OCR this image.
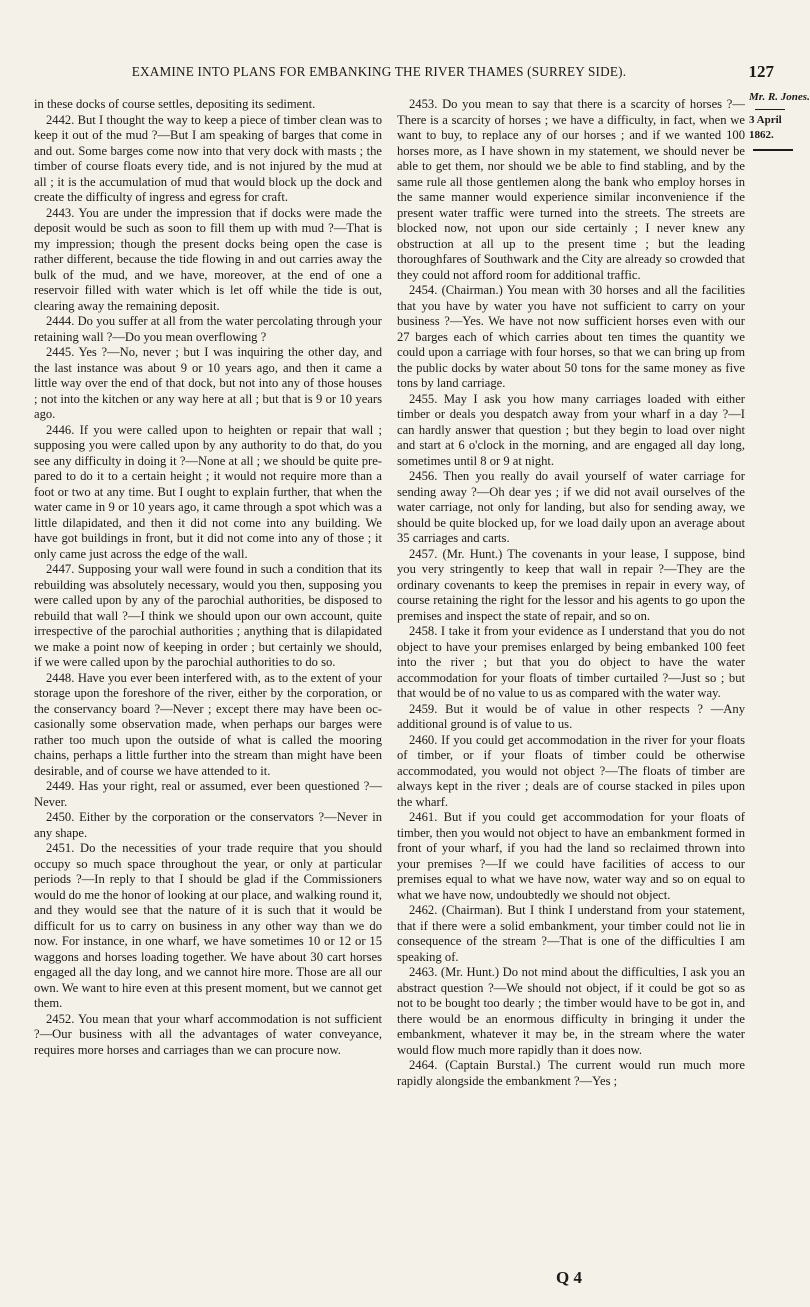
EXAMINE INTO PLANS FOR EMBANKING THE RIVER THAMES (SURREY SIDE).	127

in these docks of course settles, depositing its sediment.

2442. But I thought the way to keep a piece of timber clean was to keep it out of the mud ?—But I am speaking of barges that come in and out. Some barges come now into that very dock with masts ; the timber of course floats every tide, and is not injured by the mud at all ; it is the accumulation of mud that would block up the dock and create the difficulty of ingress and egress for craft.

2443. You are under the impression that if docks were made the deposit would be such as soon to fill them up with mud ?—That is my impression; though the present docks being open the case is rather different, because the tide flowing in and out carries away the bulk of the mud, and we have, moreover, at the end of one a reservoir filled with water which is let off while the tide is out, clearing away the remaining deposit.

2444. Do you suffer at all from the water percolating through your retaining wall ?—Do you mean overflowing ?

2445. Yes ?—No, never ; but I was inquiring the other day, and the last instance was about 9 or 10 years ago, and then it came a little way over the end of that dock, but not into any of those houses ; not into the kitchen or any way here at all ; but that is 9 or 10 years ago.

2446. If you were called upon to heighten or repair that wall ; supposing you were called upon by any authority to do that, do you see any difficulty in doing it ?—None at all ; we should be quite prepared to do it to a certain height ; it would not require more than a foot or two at any time. But I ought to explain further, that when the water came in 9 or 10 years ago, it came through a spot which was a little dilapidated, and then it did not come into any building. We have got buildings in front, but it did not come into any of those ; it only came just across the edge of the wall.

2447. Supposing your wall were found in such a condition that its rebuilding was absolutely necessary, would you then, supposing you were called upon by any of the parochial authorities, be disposed to rebuild that wall ?—I think we should upon our own account, quite irrespective of the parochial authorities ; anything that is dilapidated we make a point now of keeping in order ; but certainly we should, if we were called upon by the parochial authorities to do so.

2448. Have you ever been interfered with, as to the extent of your storage upon the foreshore of the river, either by the corporation, or the conservancy board ?—Never ; except there may have been occasionally some observation made, when perhaps our barges were rather too much upon the outside of what is called the mooring chains, perhaps a little further into the stream than might have been desirable, and of course we have attended to it.

2449. Has your right, real or assumed, ever been questioned ?—Never.

2450. Either by the corporation or the conservators ?—Never in any shape.

2451. Do the necessities of your trade require that you should occupy so much space throughout the year, or only at particular periods ?—In reply to that I should be glad if the Commissioners would do me the honor of looking at our place, and walking round it, and they would see that the nature of it is such that it would be difficult for us to carry on business in any other way than we do now. For instance, in one wharf, we have sometimes 10 or 12 or 15 waggons and horses loading together. We have about 30 cart horses engaged all the day long, and we cannot hire more. Those are all our own. We want to hire even at this present moment, but we cannot get them.

2452. You mean that your wharf accommodation is not sufficient ?—Our business with all the advantages of water conveyance, requires more horses and carriages than we can procure now.

2453. Do you mean to say that there is a scarcity of horses ?—There is a scarcity of horses ; we have a difficulty, in fact, when we want to buy, to replace any of our horses ; and if we wanted 100 horses more, as I have shown in my statement, we should never be able to get them, nor should we be able to find stabling, and by the same rule all those gentlemen along the bank who employ horses in the same manner would experience similar inconvenience if the present water traffic were turned into the streets. The streets are blocked now, not upon our side certainly ; I never knew any obstruction at all up to the present time ; but the leading thoroughfares of Southwark and the City are already so crowded that they could not afford room for additional traffic.

2454. (Chairman.) You mean with 30 horses and all the facilities that you have by water you have not sufficient to carry on your business ?—Yes. We have not now sufficient horses even with our 27 barges each of which carries about ten times the quantity we could upon a carriage with four horses, so that we can bring up from the public docks by water about 50 tons for the same money as five tons by land carriage.

2455. May I ask you how many carriages loaded with either timber or deals you despatch away from your wharf in a day ?—I can hardly answer that question ; but they begin to load over night and start at 6 o'clock in the morning, and are engaged all day long, sometimes until 8 or 9 at night.

2456. Then you really do avail yourself of water carriage for sending away ?—Oh dear yes ; if we did not avail ourselves of the water carriage, not only for landing, but also for sending away, we should be quite blocked up, for we load daily upon an average about 35 carriages and carts.

2457. (Mr. Hunt.) The covenants in your lease, I suppose, bind you very stringently to keep that wall in repair ?—They are the ordinary covenants to keep the premises in repair in every way, of course retaining the right for the lessor and his agents to go upon the premises and inspect the state of repair, and so on.

2458. I take it from your evidence as I understand that you do not object to have your premises enlarged by being embanked 100 feet into the river ; but that you do object to have the water accommodation for your floats of timber curtailed ?—Just so ; but that would be of no value to us as compared with the water way.

2459. But it would be of value in other respects ? —Any additional ground is of value to us.

2460. If you could get accommodation in the river for your floats of timber, or if your floats of timber could be otherwise accommodated, you would not object ?—The floats of timber are always kept in the river ; deals are of course stacked in piles upon the wharf.

2461. But if you could get accommodation for your floats of timber, then you would not object to have an embankment formed in front of your wharf, if you had the land so reclaimed thrown into your premises ?—If we could have facilities of access to our premises equal to what we have now, water way and so on equal to what we have now, undoubtedly we should not object.

2462. (Chairman). But I think I understand from your statement, that if there were a solid embankment, your timber could not lie in consequence of the stream ?—That is one of the difficulties I am speaking of.

2463. (Mr. Hunt.) Do not mind about the difficulties, I ask you an abstract question ?—We should not object, if it could be got so as not to be bought too dearly ; the timber would have to be got in, and there would be an enormous difficulty in bringing it under the embankment, whatever it may be, in the stream where the water would flow much more rapidly than it does now.

2464. (Captain Burstal.) The current would run much more rapidly alongside the embankment ?—Yes ;

Mr. R. Jones.
3 April 1862.
Q 4
